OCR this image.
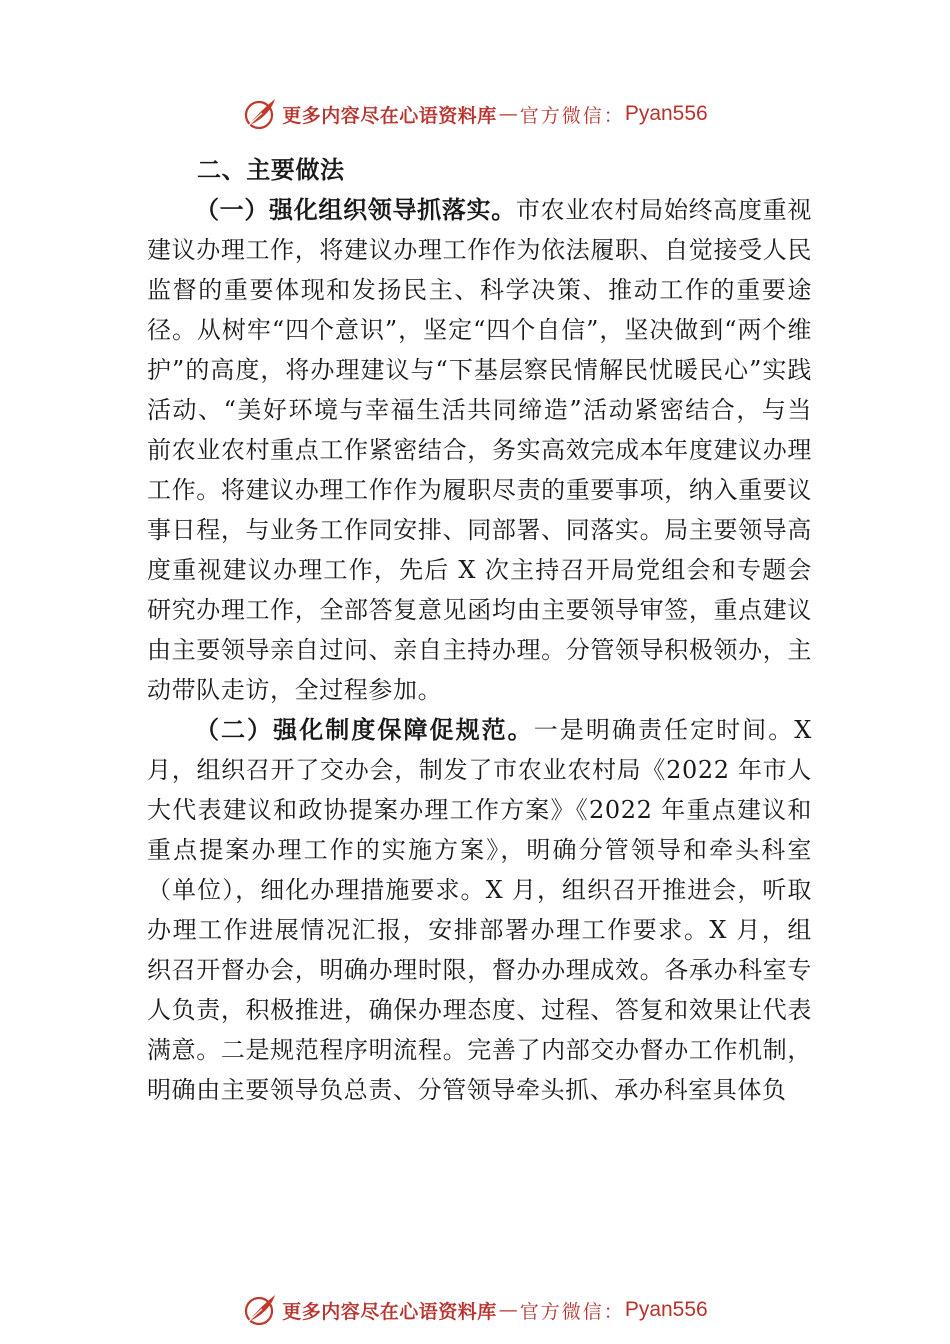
更多内容尽在心语资料库 — 官方微信： Pyan556

二、主要做法

（一）强化组织领导抓落实。市农业农村局始终高度重视建议办理工作，将建议办理工作作为依法履职、自觉接受人民监督的重要体现和发扬民主、科学决策、推动工作的重要途径。从树牢“四个意识”，坚定“四个自信”，坚决做到“两个维护”的高度，将办理建议与“下基层察民情解民忧暖民心”实践活动、“美好环境与幸福生活共同缔造”活动紧密结合，与当前农业农村重点工作紧密结合，务实高效完成本年度建议办理工作。将建议办理工作作为履职尽责的重要事项，纳入重要议事日程，与业务工作同安排、同部署、同落实。局主要领导高度重视建议办理工作，先后 X 次主持召开局党组会和专题会研究办理工作，全部答复意见函均由主要领导审签，重点建议由主要领导亲自过问、亲自主持办理。分管领导积极领办，主动带队走访，全过程参加。

（二）强化制度保障促规范。一是明确责任定时间。X 月，组织召开了交办会，制发了市农业农村局《2022 年市人大代表建议和政协提案办理工作方案》《2022 年重点建议和重点提案办理工作的实施方案》，明确分管领导和牵头科室（单位），细化办理措施要求。X 月，组织召开推进会，听取办理工作进展情况汇报，安排部署办理工作要求。X 月，组织召开督办会，明确办理时限，督办办理成效。各承办科室专人负责，积极推进，确保办理态度、过程、答复和效果让代表满意。二是规范程序明流程。完善了内部交办督办工作机制，明确由主要领导负总责、分管领导牵头抓、承办科室具体负

更多内容尽在心语资料库 — 官方微信： Pyan556
